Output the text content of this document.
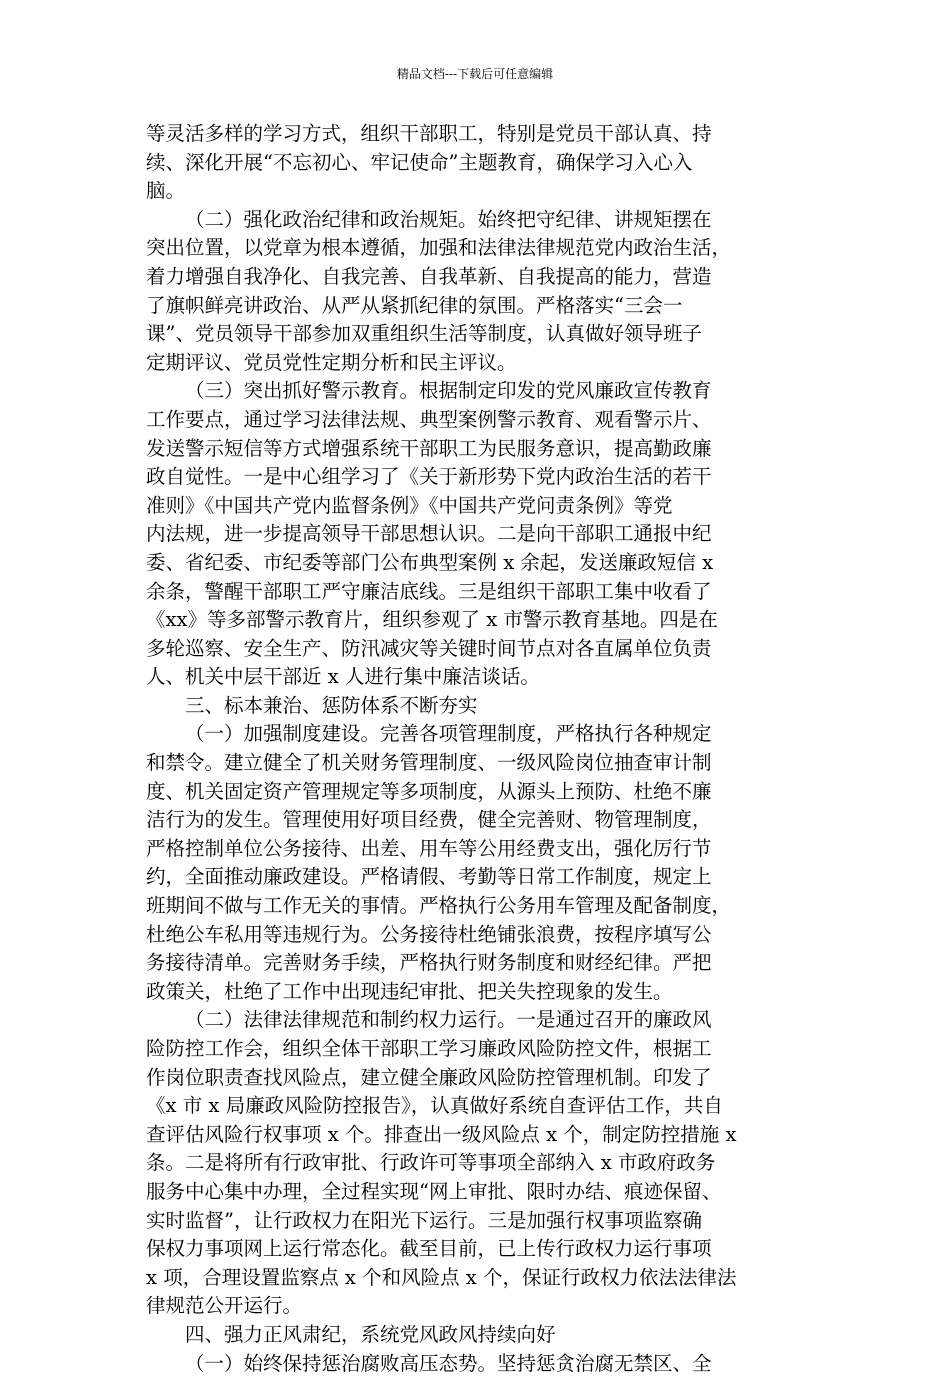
精品文档---下载后可任意编辑
等灵活多样的学习方式，组织干部职工，特别是党员干部认真、持
续、深化开展“不忘初心、牢记使命”主题教育，确保学习入心入
脑。
（二）强化政治纪律和政治规矩。始终把守纪律、讲规矩摆在
突出位置，以党章为根本遵循，加强和法律法律规范党内政治生活，
着力增强自我净化、自我完善、自我革新、自我提高的能力，营造
了旗帜鲜亮讲政治、从严从紧抓纪律的氛围。严格落实“三会一
课”、党员领导干部参加双重组织生活等制度，认真做好领导班子
定期评议、党员党性定期分析和民主评议。
（三）突出抓好警示教育。根据制定印发的党风廉政宣传教育
工作要点，通过学习法律法规、典型案例警示教育、观看警示片、
发送警示短信等方式增强系统干部职工为民服务意识，提高勤政廉
政自觉性。一是中心组学习了《关于新形势下党内政治生活的若干
准则》《中国共产党内监督条例》《中国共产党问责条例》等党
内法规，进一步提高领导干部思想认识。二是向干部职工通报中纪
委、省纪委、市纪委等部门公布典型案例 x 余起，发送廉政短信 x
余条，警醒干部职工严守廉洁底线。三是组织干部职工集中收看了
《xx》等多部警示教育片，组织参观了 x 市警示教育基地。四是在
多轮巡察、安全生产、防汛减灾等关键时间节点对各直属单位负责
人、机关中层干部近 x 人进行集中廉洁谈话。
三、标本兼治、惩防体系不断夯实
（一）加强制度建设。完善各项管理制度，严格执行各种规定
和禁令。建立健全了机关财务管理制度、一级风险岗位抽查审计制
度、机关固定资产管理规定等多项制度，从源头上预防、杜绝不廉
洁行为的发生。管理使用好项目经费，健全完善财、物管理制度，
严格控制单位公务接待、出差、用车等公用经费支出，强化厉行节
约，全面推动廉政建设。严格请假、考勤等日常工作制度，规定上
班期间不做与工作无关的事情。严格执行公务用车管理及配备制度，
杜绝公车私用等违规行为。公务接待杜绝铺张浪费，按程序填写公
务接待清单。完善财务手续，严格执行财务制度和财经纪律。严把
政策关，杜绝了工作中出现违纪审批、把关失控现象的发生。
（二）法律法律规范和制约权力运行。一是通过召开的廉政风
险防控工作会，组织全体干部职工学习廉政风险防控文件，根据工
作岗位职责查找风险点，建立健全廉政风险防控管理机制。印发了
《x 市 x 局廉政风险防控报告》，认真做好系统自查评估工作，共自
查评估风险行权事项 x 个。排查出一级风险点 x 个，制定防控措施 x
条。二是将所有行政审批、行政许可等事项全部纳入 x 市政府政务
服务中心集中办理，全过程实现“网上审批、限时办结、痕迹保留、
实时监督”，让行政权力在阳光下运行。三是加强行权事项监察确
保权力事项网上运行常态化。截至目前，已上传行政权力运行事项
x 项，合理设置监察点 x 个和风险点 x 个，保证行政权力依法法律法
律规范公开运行。
四、强力正风肃纪，系统党风政风持续向好
（一）始终保持惩治腐败高压态势。坚持惩贪治腐无禁区、全
